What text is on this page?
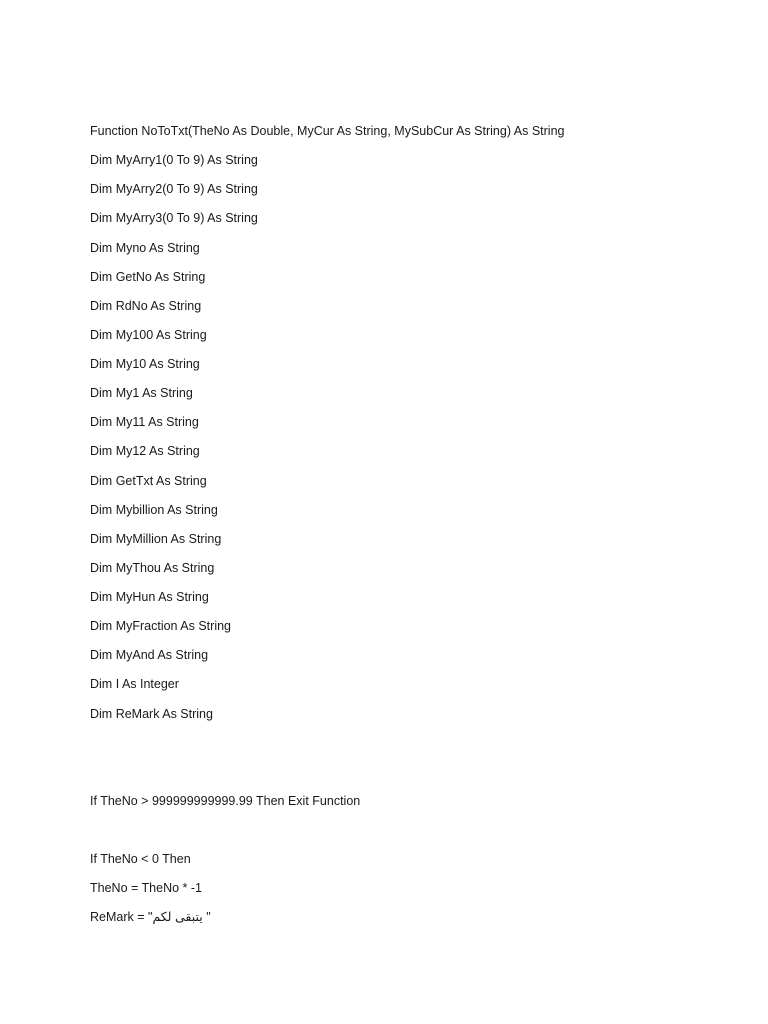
Function NoToTxt(TheNo As Double, MyCur As String, MySubCur As String) As String

Dim MyArry1(0 To 9) As String

Dim MyArry2(0 To 9) As String

Dim MyArry3(0 To 9) As String

Dim Myno As String

Dim GetNo As String

Dim RdNo As String

Dim My100 As String

Dim My10 As String

Dim My1 As String

Dim My11 As String

Dim My12 As String

Dim GetTxt As String

Dim Mybillion As String

Dim MyMillion As String

Dim MyThou As String

Dim MyHun As String

Dim MyFraction As String

Dim MyAnd As String

Dim I As Integer

Dim ReMark As String

If TheNo > 999999999999.99 Then Exit Function

If TheNo < 0 Then

TheNo = TheNo * -1

ReMark = "يتبقى لكم "
